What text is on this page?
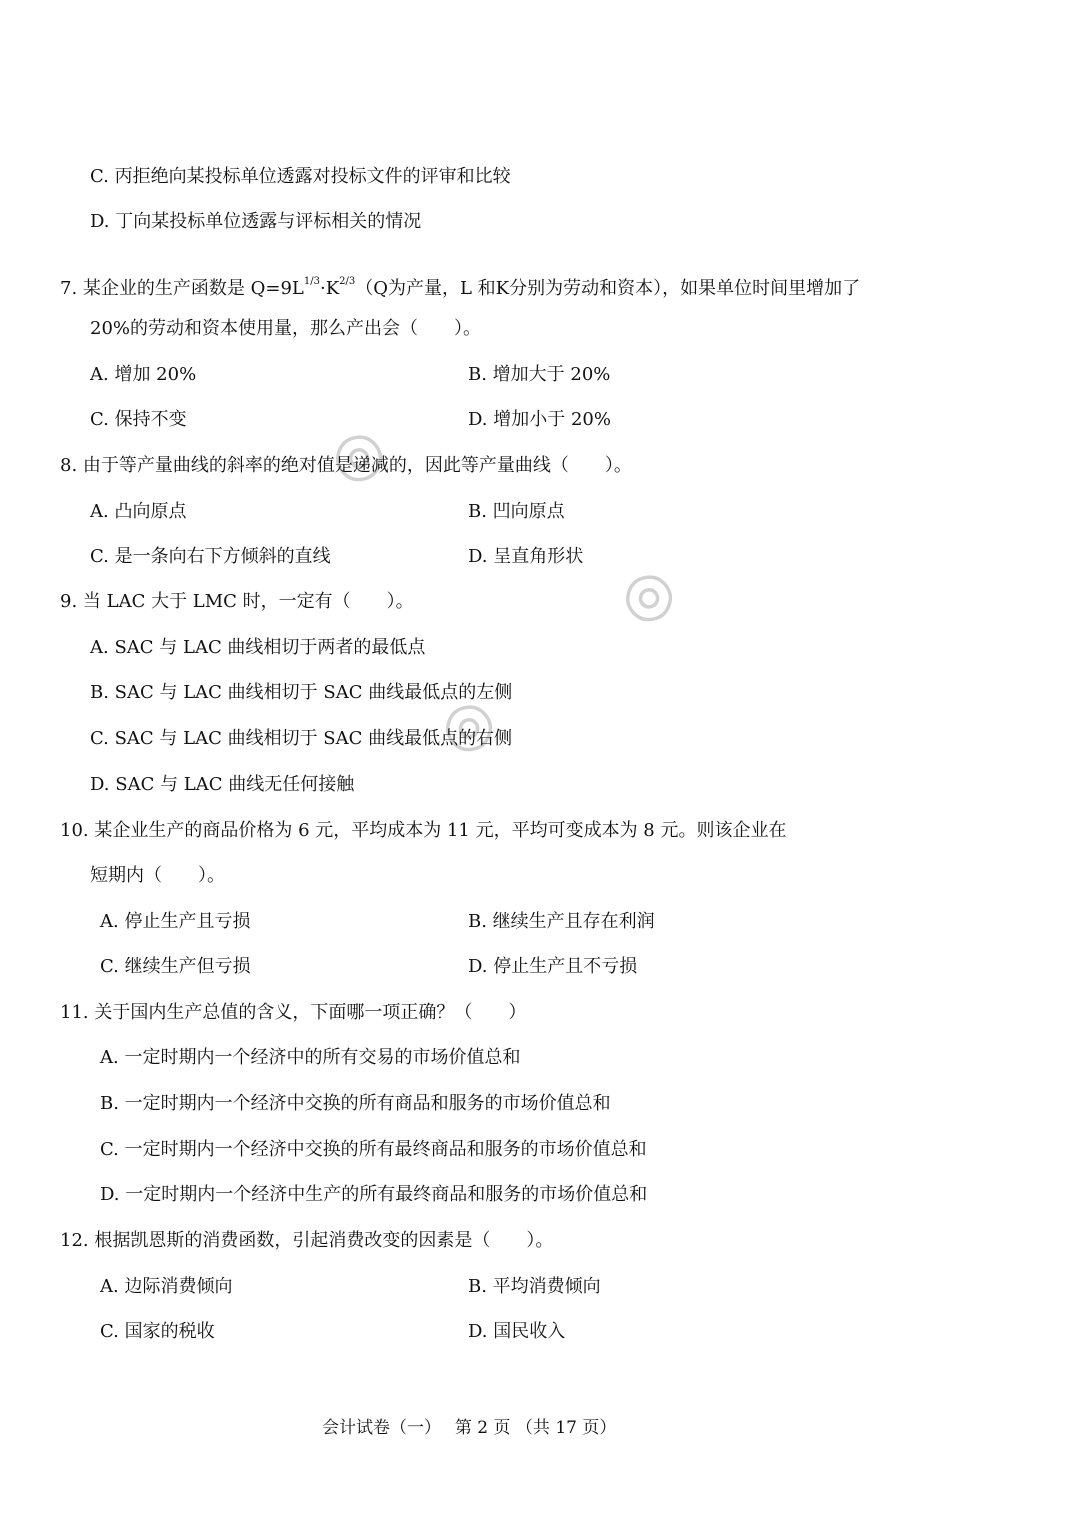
◎
◎
◎
C. 丙拒绝向某投标单位透露对投标文件的评审和比较
D. 丁向某投标单位透露与评标相关的情况
7. 某企业的生产函数是 $Q=9L^{1/3}\cdot K^{2/3}(Q$为产量，L 和K分别为劳动和资本），如果单位时间里增加了
20%的劳动和资本使用量，那么产出会（　　）。
A. 增加 20%	B. 增加大于 20%
C. 保持不变	D. 增加小于 20%
8. 由于等产量曲线的斜率的绝对值是递减的，因此等产量曲线（　　）。
A. 凸向原点	B. 凹向原点
C. 是一条向右下方倾斜的直线	D. 呈直角形状
9. 当 LAC 大于 LMC 时，一定有（　　）。
A. SAC 与 LAC 曲线相切于两者的最低点
B. SAC 与 LAC 曲线相切于 SAC 曲线最低点的左侧
C. SAC 与 LAC 曲线相切于 SAC 曲线最低点的右侧
D. SAC 与 LAC 曲线无任何接触
10. 某企业生产的商品价格为 6 元，平均成本为 11 元，平均可变成本为 8 元。则该企业在
短期内（　　）。
A. 停止生产且亏损	B. 继续生产且存在利润
C. 继续生产但亏损	D. 停止生产且不亏损
11. 关于国内生产总值的含义，下面哪一项正确？（　　）
A. 一定时期内一个经济中的所有交易的市场价值总和
B. 一定时期内一个经济中交换的所有商品和服务的市场价值总和
C. 一定时期内一个经济中交换的所有最终商品和服务的市场价值总和
D. 一定时期内一个经济中生产的所有最终商品和服务的市场价值总和
12. 根据凯恩斯的消费函数，引起消费改变的因素是（　　）。
A. 边际消费倾向	B. 平均消费倾向
C. 国家的税收	D. 国民收入
会计试卷（一）　 第 2 页 （共 17 页）
